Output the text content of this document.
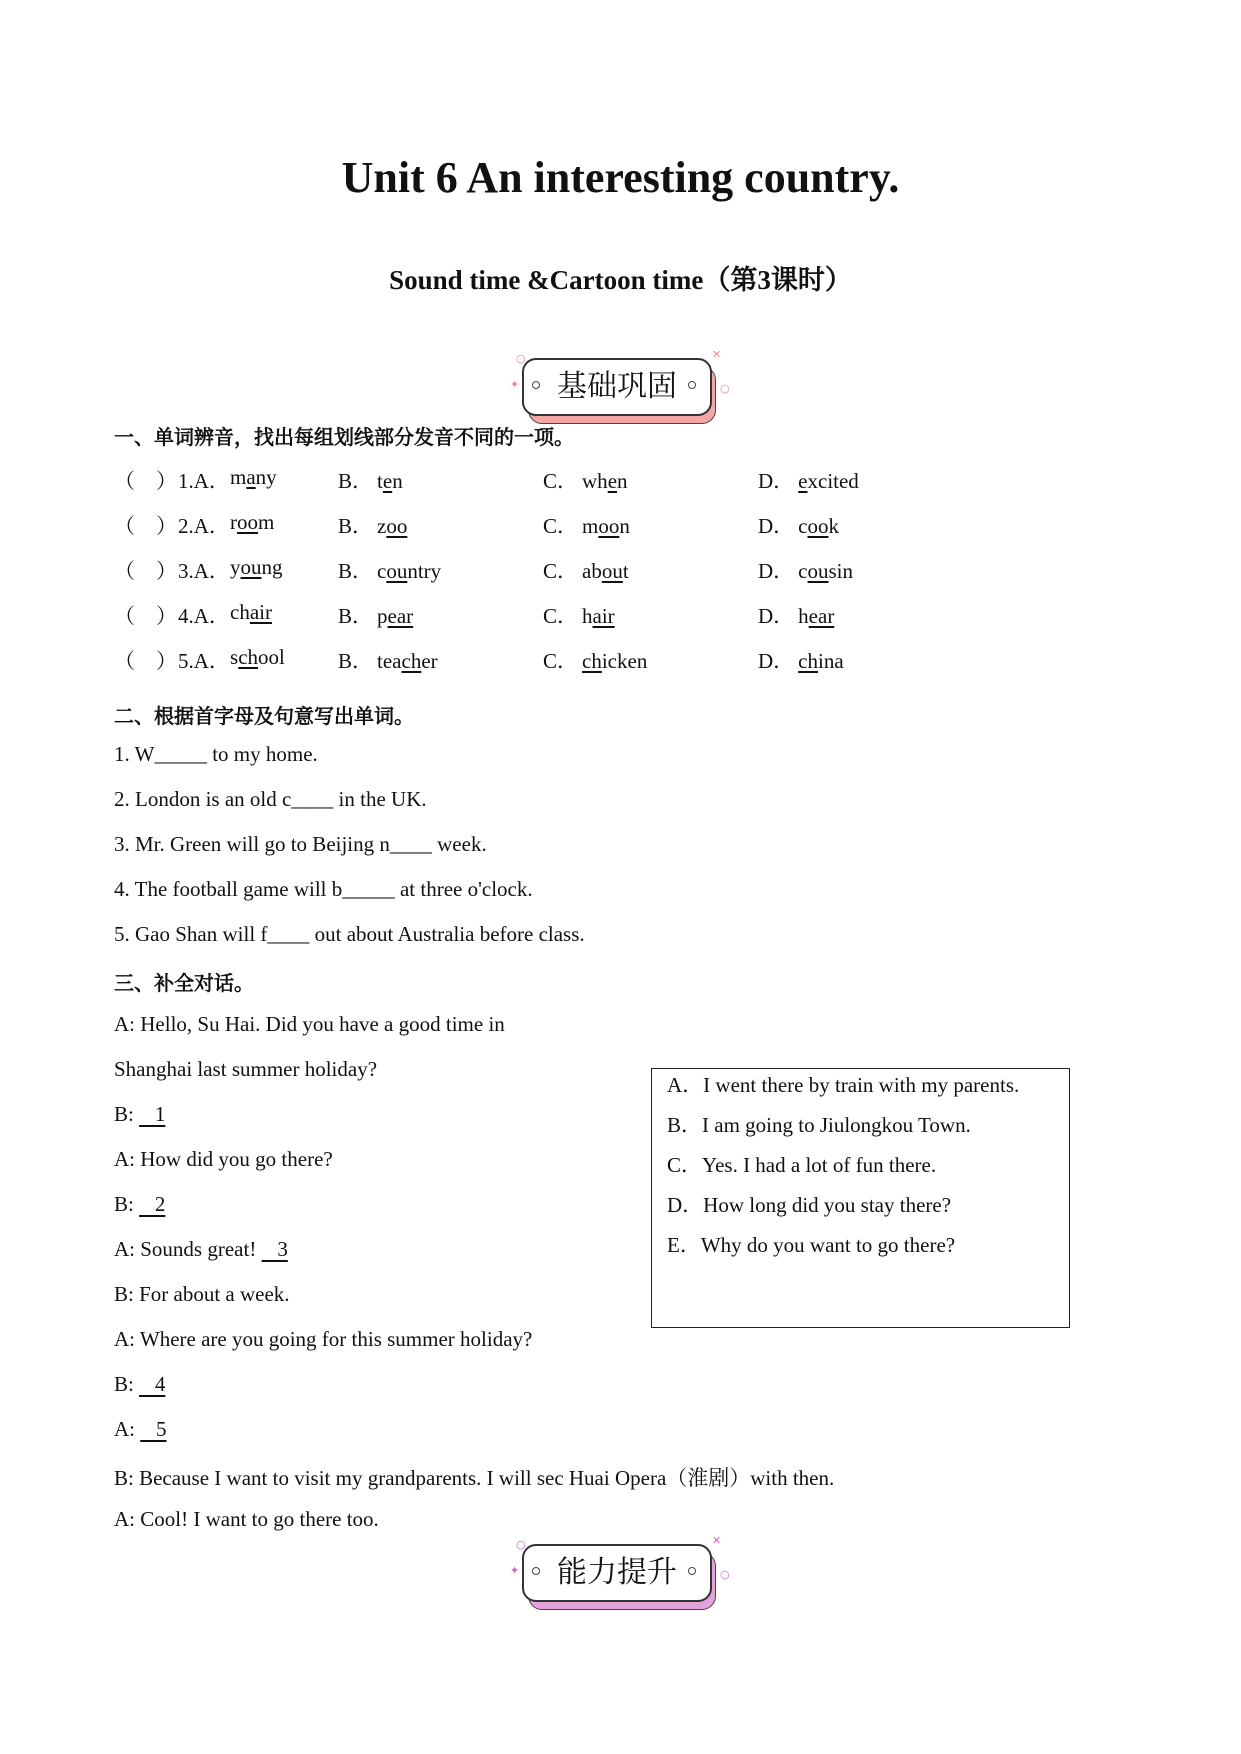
Unit 6 An interesting country.
Sound time &Cartoon time（第3课时）
○
✦
✕
○
基础巩固
一、单词辨音，找出每组划线部分发音不同的一项。
（　） 1.A． many	B． ten	C． when	D． excited
（　） 2.A． room	B． zoo	C． moon	D． cook
（　） 3.A． young	B． country	C． about	D． cousin
（　） 4.A． chair	B． pear	C． hair	D． hear
（　） 5.A． school	B． teacher	C． chicken	D． china
二、根据首字母及句意写出单词。
1. W_____ to my home.
2. London is an old c____ in the UK.
3. Mr. Green will go to Beijing n____ week.
4. The football game will b_____ at three o'clock.
5. Gao Shan will f____ out about Australia before class.
三、补全对话。
A: Hello, Su Hai. Did you have a good time in
Shanghai last summer holiday?
B:    1
A: How did you go there?
B:    2
A: Sounds great!    3
B: For about a week.
A: Where are you going for this summer holiday?
B:    4
A:    5
B: Because I want to visit my grandparents. I will sec Huai Opera（淮剧）with then.
A: Cool! I want to go there too.
A．I went there by train with my parents.
B．I am going to Jiulongkou Town.
C．Yes. I had a lot of fun there.
D．How long did you stay there?
E．Why do you want to go there?
○
✦
✕
○
能力提升
